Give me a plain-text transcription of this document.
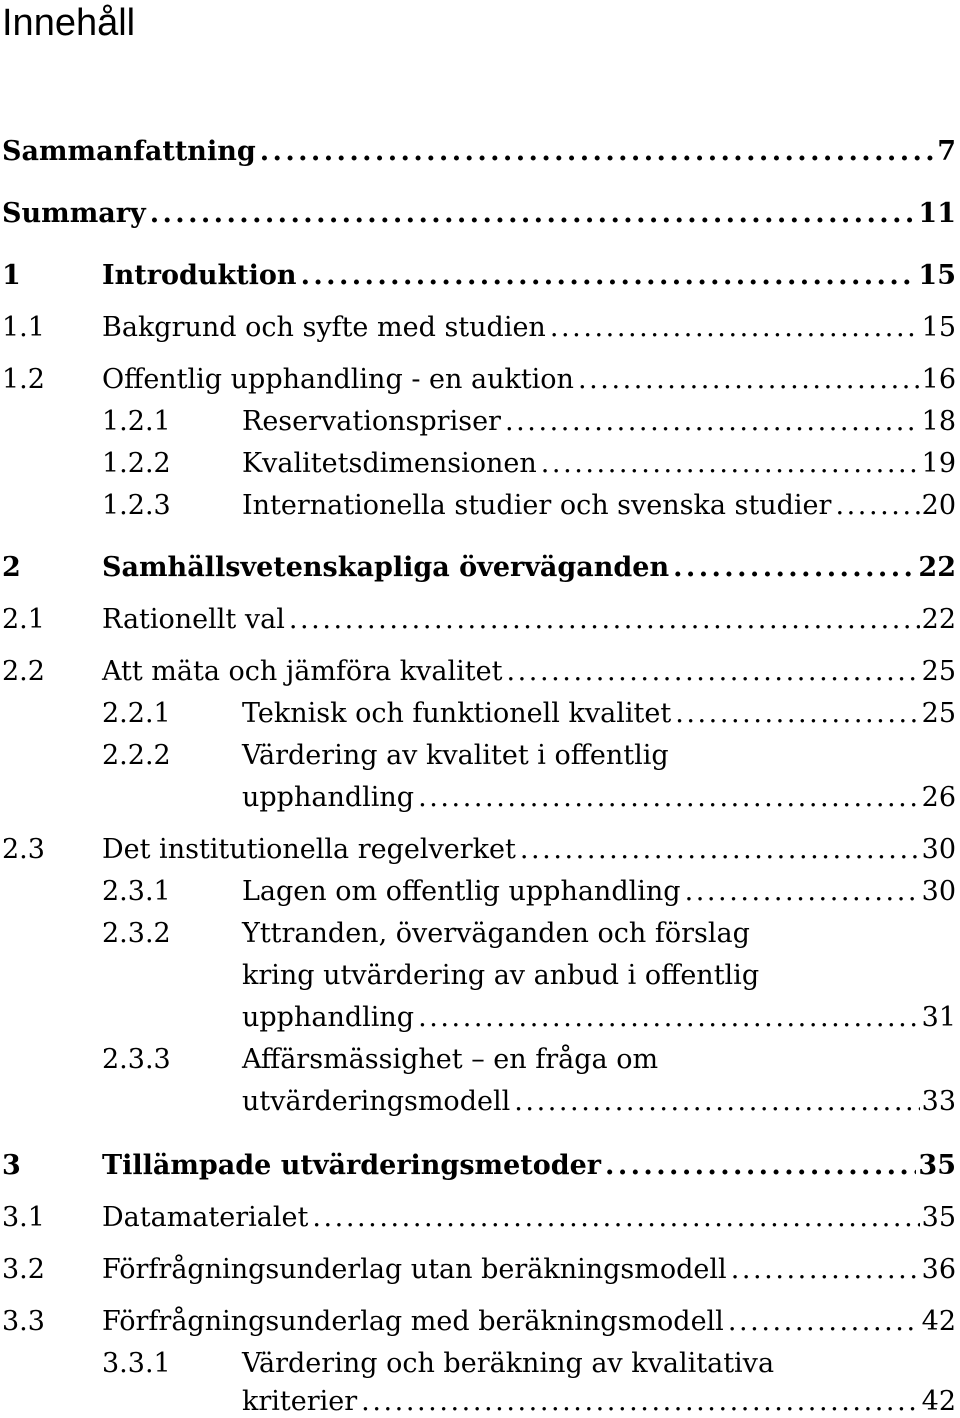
Innehåll
Sammanfattning . . .	7
Summary . . .	11
1	Introduktion . . .	15
1.1	Bakgrund och syfte med studien . . .	15
1.2	Offentlig upphandling - en auktion . . .	16
1.2.1	Reservationspriser . . .	18
1.2.2	Kvalitetsdimensionen . . .	19
1.2.3	Internationella studier och svenska studier . . .	20
2	Samhällsvetenskapliga överväganden . . .	22
2.1	Rationellt val . . .	22
2.2	Att mäta och jämföra kvalitet . . .	25
2.2.1	Teknisk och funktionell kvalitet . . .	25
2.2.2	Värdering av kvalitet i offentlig
upphandling . . .	26
2.3	Det institutionella regelverket . . .	30
2.3.1	Lagen om offentlig upphandling . . .	30
2.3.2	Yttranden, överväganden och förslag
kring utvärdering av anbud i offentlig
upphandling . . .	31
2.3.3	Affärsmässighet – en fråga om
utvärderingsmodell . . .	33
3	Tillämpade utvärderingsmetoder . . .	35
3.1	Datamaterialet . . .	35
3.2	Förfrågningsunderlag utan beräkningsmodell . . .	36
3.3	Förfrågningsunderlag med beräkningsmodell . . .	42
3.3.1	Värdering och beräkning av kvalitativa
kriterier . . .	42
